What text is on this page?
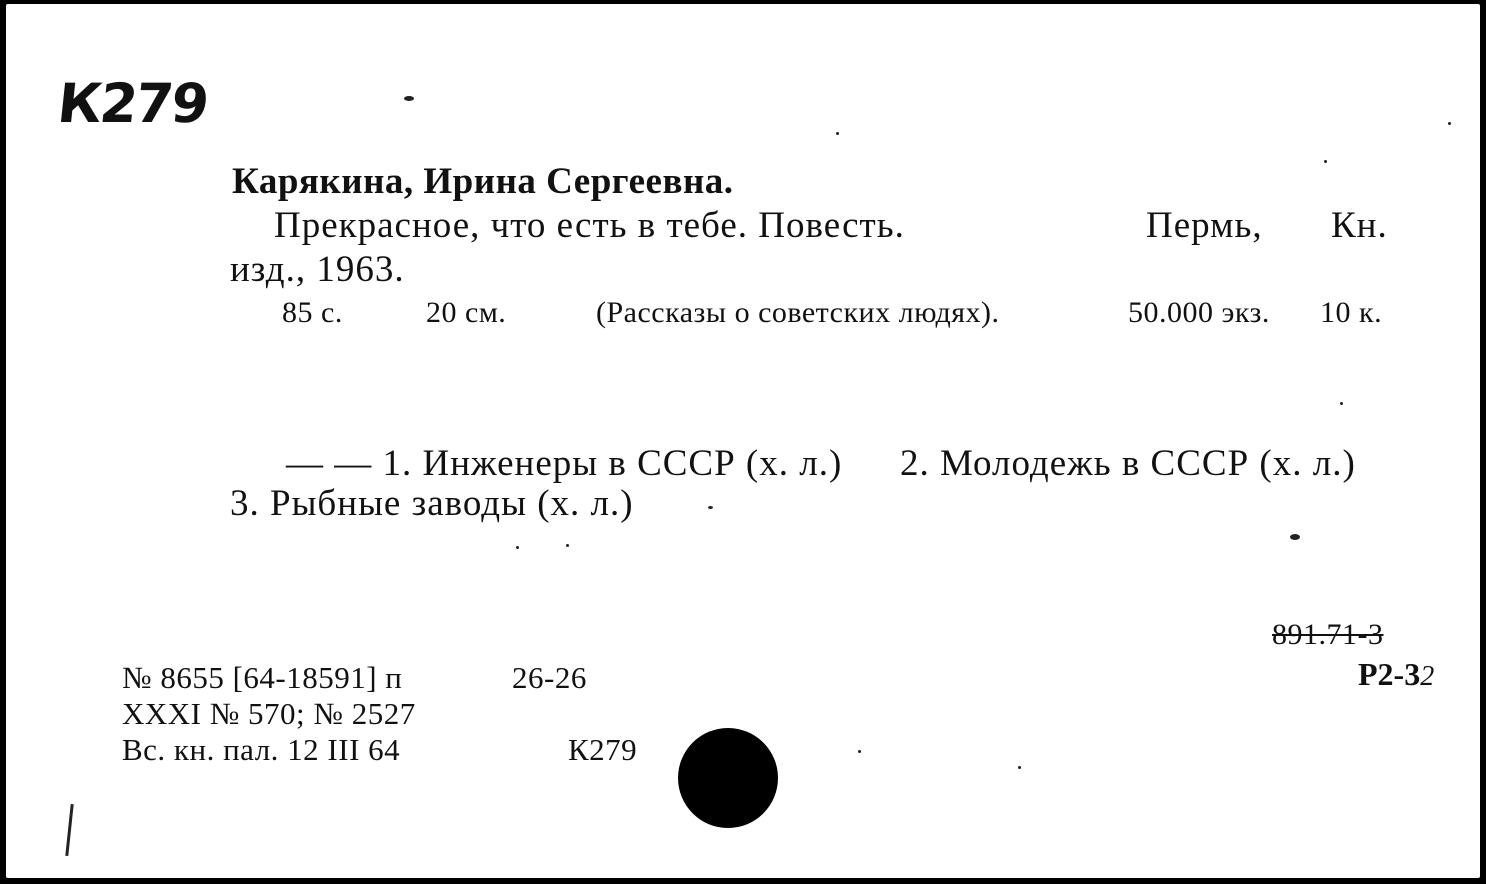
К279
Карякина, Ирина Сергеевна.
Прекрасное, что есть в тебе. Повесть.	Пермь, Кн.
изд., 1963.
85 с.	20 см.	(Рассказы о советских людях).	50.000 экз. 10 к.
— — 1. Инженеры в СССР (х. л.) 2. Молодежь в СССР (х. л.)
3. Рыбные заводы (х. л.)
891.71-3
Р2-32
№ 8655 [64-18591] п	26-26
XXXI № 570; № 2527
Вс. кн. пал. 12 III 64	К279
